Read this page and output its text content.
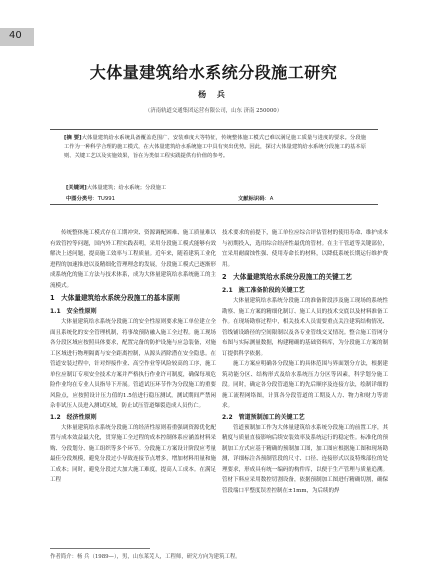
40
大体量建筑给水系统分段施工研究
杨 兵
（济南轨道交通集团运营有限公司，山东 济南 250000）
[摘 要]大体量建筑给水系统具备覆盖范围广、安装难度大等特征，传统整体施工模式已难以满足施工质量与进度的要求。分段施工作为一种科学合理的施工模式，在大体量建筑给水系统施工中具有突出优势。因此，探讨大体量建筑给水系统分段施工的基本原则、关键工艺以及实施效果，旨在为类似工程实践提供有价值的参考。
[关键词]大体量建筑；给水系统；分段施工
中图分类号：TU991	文献标识码：A

传统整体施工模式存在工期冲突、资源调配困难、施工质量难以有效管控等问题，国内外工程实践表明，采用分段施工模式能够有效解决上述问题，提高施工效率与工程质量。近年来，随着建筑工业化进程的加速推进以及精细化管理理念的发展，分段施工模式已逐渐形成系统化的施工方法与技术体系，成为大体量建筑给水系统施工的主流模式。

1　大体量建筑给水系统分段施工的基本原则
1.1　安全性原则

大体量建筑给水系统分段施工的安全性原则要求施工单位建立全面且系统化的安全管理机制，将事故预防融入施工全过程。施工现场各分段区域应按照具体要求，配置完备的防护设施与应急装备，对施工区域进行物理隔离与安全距离控制，从源头消除潜在安全隐患。在管道安装过程中，针对焊接作业、高空作业等风险较高的工序，施工单位应制订专项安全技术方案并严格执行作业许可制度，确保每项危险作业均在专业人员指导下开展。管道试压环节作为分段施工的重要风险点，应按照设计压力值的1.5倍进行稳压测试，测试期间严禁闲杂非试压人员进入测试区域，防止试压管道爆裂造成人员伤亡。

1.2　经济性原则

大体量建筑给水系统分段施工的经济性原则着重强调资源优化配置与成本效益最大化，贯穿施工全过程的成本控制体系应涵盖材料采购、分段划分、施工组织等多个环节。分段施工方案设计阶段应考量最佳分段规模，避免分段过小导致连接节点增多，增加材料用量和施工成本；同时，避免分段过大加大施工难度，提高人工成本。在满足工程

技术要求的前提下，施工单位应综合评估管材的使用寿命、维护成本与初期投入，选用综合经济性最优的管材。在主干管道等关键部位，宜采用耐腐蚀性强、使用寿命长的材料，以降低系统长期运行维护费用。

2　大体量建筑给水系统分段施工的关键工艺
2.1　施工准备阶段的关键工艺

大体量建筑给水系统分段施工的准备阶段涉及施工现场的系统性勘察、施工方案的精细化制订、施工人员的技术交底以及材料准备工作。在现场勘察过程中，相关技术人员需要重点关注建筑结构情况、管线铺设路径的空间限制以及各专业管线交叉情况。整合施工管网分布图与实际测量数据，构建精确的基础资料库，为分段施工方案的制订提供科学依据。

施工方案应明确各分段施工的具体范围与界面划分方法，根据建筑功能分区、结构形式及给水系统压力分区等因素，科学划分施工段。同时，确定各分段管道施工的先后顺序及连接方法，绘制详细的施工流程网络图，计算各分段管道的工期及人力、物力和财力等需求。

2.2　管道预制加工的关键工艺

管道预制加工作为大体量建筑给水系统分段施工的前置工序，其精度与质量直接影响后续安装效率及系统运行的稳定性。标准化的预制加工方式应基于精确的预制加工图，加工图应根据施工图和现场勘测，详细标注各预制管段的尺寸、口径、连接形式以及特殊部位的处理要求，形成具有统一编码的构件库，以便于生产管理与质量追溯。管材下料应采用数控切割设备，依据预制加工图进行精确切割，确保管段端口平整度误差控制在±1mm，为后续的焊

作者简介：杨 兵（1989—），男，山东莱芜人，工程师，研究方向为建筑工程。
